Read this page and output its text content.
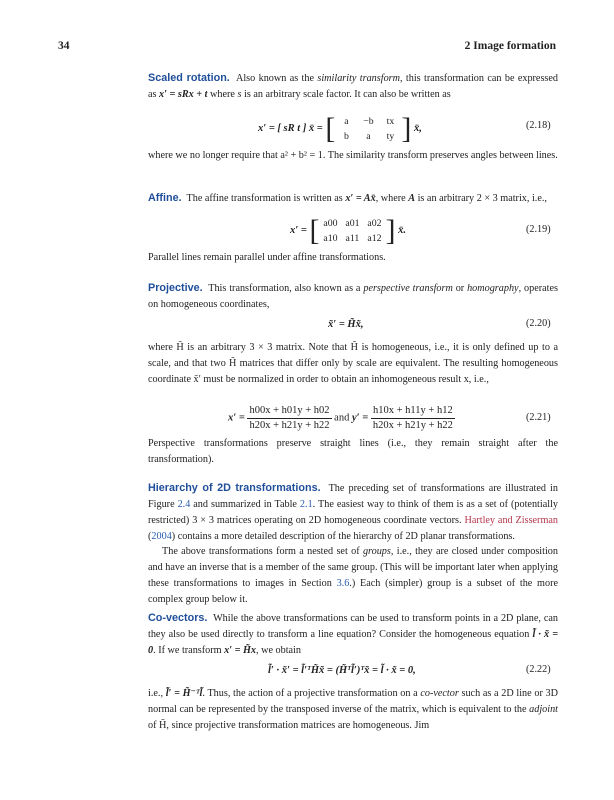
34	2 Image formation
Scaled rotation. Also known as the similarity transform, this transformation can be expressed as x′ = sRx + t where s is an arbitrary scale factor. It can also be written as
x′ = [ sR t ] x̄ = [ a −b tx
b a ty ] x̄,	(2.18)
where we no longer require that a² + b² = 1. The similarity transform preserves angles between lines.
Affine. The affine transformation is written as x′ = Ax̄, where A is an arbitrary 2 × 3 matrix, i.e.,
x′ = [ a00 a01 a02
a10 a11 a12 ] x̄.	(2.19)
Parallel lines remain parallel under affine transformations.
Projective. This transformation, also known as a perspective transform or homography, operates on homogeneous coordinates,
x̃′ = H̃x̃,	(2.20)
where H̃ is an arbitrary 3 × 3 matrix. Note that H̃ is homogeneous, i.e., it is only defined up to a scale, and that two H̃ matrices that differ only by scale are equivalent. The resulting homogeneous coordinate x̃′ must be normalized in order to obtain an inhomogeneous result x, i.e.,
$x' = \frac{h00x + h01y + h02}{h20x + h21y + h22}$ and $y' = \frac{h10x + h11y + h12}{h20x + h21y + h22}$	(2.21)
Perspective transformations preserve straight lines (i.e., they remain straight after the transformation).
Hierarchy of 2D transformations. The preceding set of transformations are illustrated in Figure 2.4 and summarized in Table 2.1. The easiest way to think of them is as a set of (potentially restricted) 3 × 3 matrices operating on 2D homogeneous coordinate vectors. Hartley and Zisserman (2004) contains a more detailed description of the hierarchy of 2D planar transformations.
The above transformations form a nested set of groups, i.e., they are closed under composition and have an inverse that is a member of the same group. (This will be important later when applying these transformations to images in Section 3.6.) Each (simpler) group is a subset of the more complex group below it.
Co-vectors. While the above transformations can be used to transform points in a 2D plane, can they also be used directly to transform a line equation? Consider the homogeneous equation l̃ · x̃ = 0. If we transform x′ = H̃x, we obtain
l̃′ · x̃′ = l̃′ᵀH̃x̃ = (H̃ᵀl̃′)ᵀx̃ = l̃ · x̃ = 0,	(2.22)
i.e., l̃′ = H̃⁻ᵀl̃. Thus, the action of a projective transformation on a co-vector such as a 2D line or 3D normal can be represented by the transposed inverse of the matrix, which is equivalent to the adjoint of H̃, since projective transformation matrices are homogeneous. Jim
